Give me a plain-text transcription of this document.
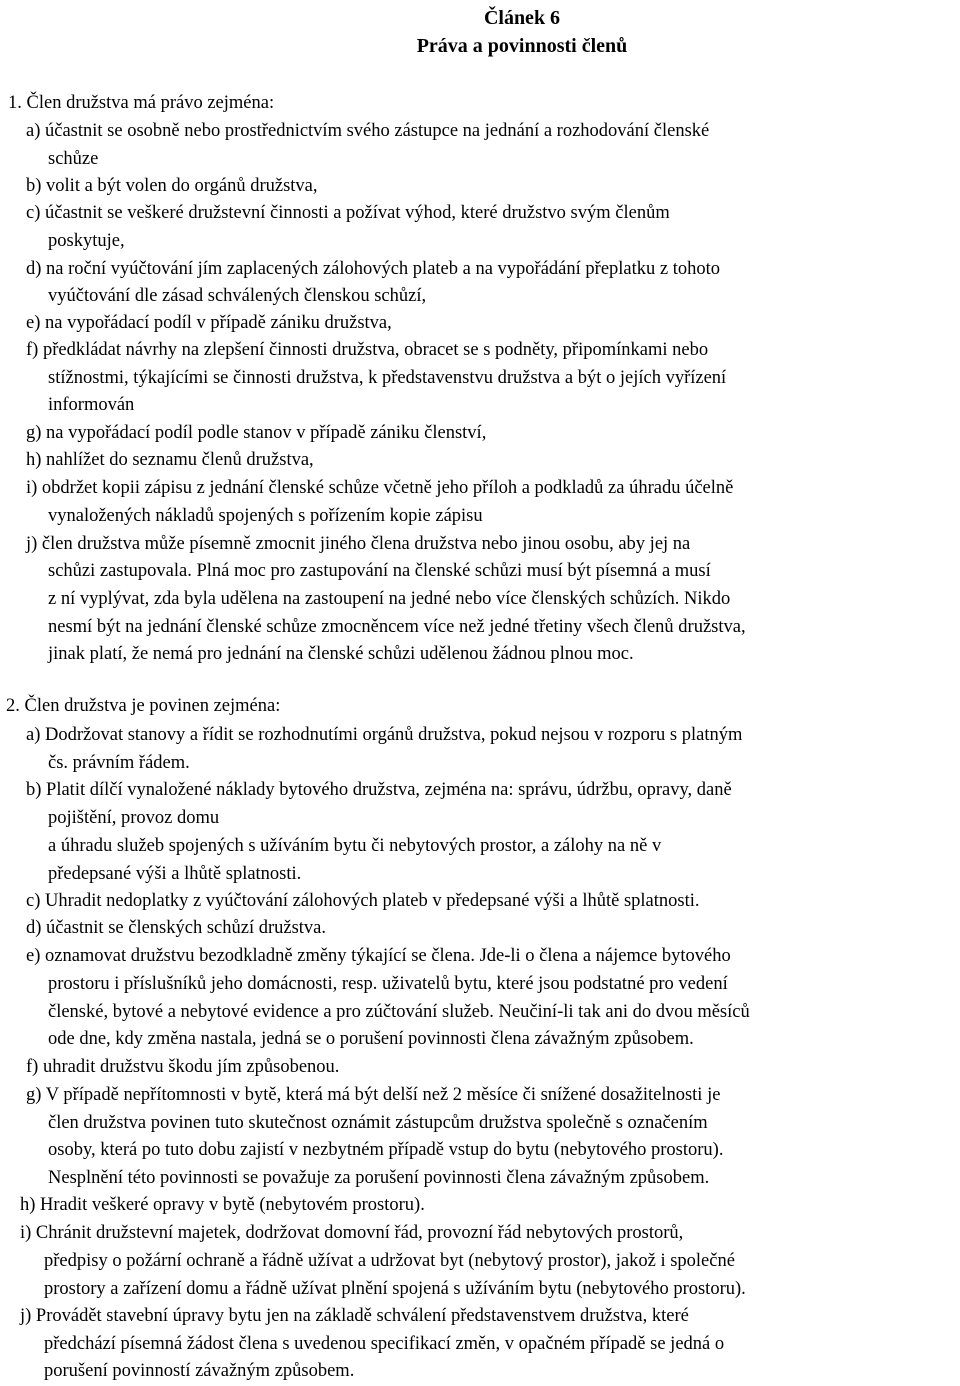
Článek 6
Práva a povinnosti členů
1. Člen družstva má právo zejména:
a) účastnit se osobně nebo prostřednictvím svého zástupce na jednání a rozhodování členské
schůze
b) volit a být volen do orgánů družstva,
c) účastnit se veškeré družstevní činnosti a požívat výhod, které družstvo svým členům
poskytuje,
d) na roční vyúčtování jím zaplacených zálohových plateb a na vypořádání přeplatku z tohoto
vyúčtování dle zásad schválených členskou schůzí,
e) na vypořádací podíl v případě zániku družstva,
f) předkládat návrhy na zlepšení činnosti družstva, obracet se s podněty, připomínkami nebo
stížnostmi, týkajícími se činnosti družstva, k představenstvu družstva a být o jejích vyřízení
informován
g) na vypořádací podíl podle stanov v případě zániku členství,
h) nahlížet do seznamu členů družstva,
i) obdržet kopii zápisu z jednání členské schůze včetně jeho příloh a podkladů za úhradu účelně
vynaložených nákladů spojených s pořízením kopie zápisu
j) člen družstva může písemně zmocnit jiného člena družstva nebo jinou osobu, aby jej na
schůzi zastupovala. Plná moc pro zastupování na členské schůzi musí být písemná a musí
z ní vyplývat, zda byla udělena na zastoupení na jedné nebo více členských schůzích. Nikdo
nesmí být na jednání členské schůze zmocněncem více než jedné třetiny všech členů družstva,
jinak platí, že nemá pro jednání na členské schůzi udělenou žádnou plnou moc.
2. Člen družstva je povinen zejména:
a) Dodržovat stanovy a řídit se rozhodnutími orgánů družstva, pokud nejsou v rozporu s platným
čs. právním řádem.
b) Platit dílčí vynaložené náklady bytového družstva, zejména na: správu, údržbu, opravy, daně
pojištění, provoz domu
a úhradu služeb spojených s užíváním bytu či nebytových prostor, a zálohy na ně v
předepsané výši a lhůtě splatnosti.
c) Uhradit nedoplatky z vyúčtování zálohových plateb v předepsané výši a lhůtě splatnosti.
d) účastnit se členských schůzí družstva.
e) oznamovat družstvu bezodkladně změny týkající se člena. Jde-li o člena a nájemce bytového
prostoru i příslušníků jeho domácnosti, resp. uživatelů bytu, které jsou podstatné pro vedení
členské, bytové a nebytové evidence a pro zúčtování služeb. Neučiní-li tak ani do dvou měsíců
ode dne, kdy změna nastala, jedná se o porušení povinnosti člena závažným způsobem.
f) uhradit družstvu škodu jím způsobenou.
g) V případě nepřítomnosti v bytě, která má být delší než 2 měsíce či snížené dosažitelnosti je
člen družstva povinen tuto skutečnost oznámit zástupcům družstva společně s označením
osoby, která po tuto dobu zajistí v nezbytném případě vstup do bytu (nebytového prostoru).
Nesplnění této povinnosti se považuje za porušení povinnosti člena závažným způsobem.
h) Hradit veškeré opravy v bytě (nebytovém prostoru).
i) Chránit družstevní majetek, dodržovat domovní řád, provozní řád nebytových prostorů,
předpisy o požární ochraně a řádně užívat a udržovat byt (nebytový prostor), jakož i společné
prostory a zařízení domu a řádně užívat plnění spojená s užíváním bytu (nebytového prostoru).
j) Provádět stavební úpravy bytu jen na základě schválení představenstvem družstva, které
předchází písemná žádost člena s uvedenou specifikací změn, v opačném případě se jedná o
porušení povinností závažným způsobem.
